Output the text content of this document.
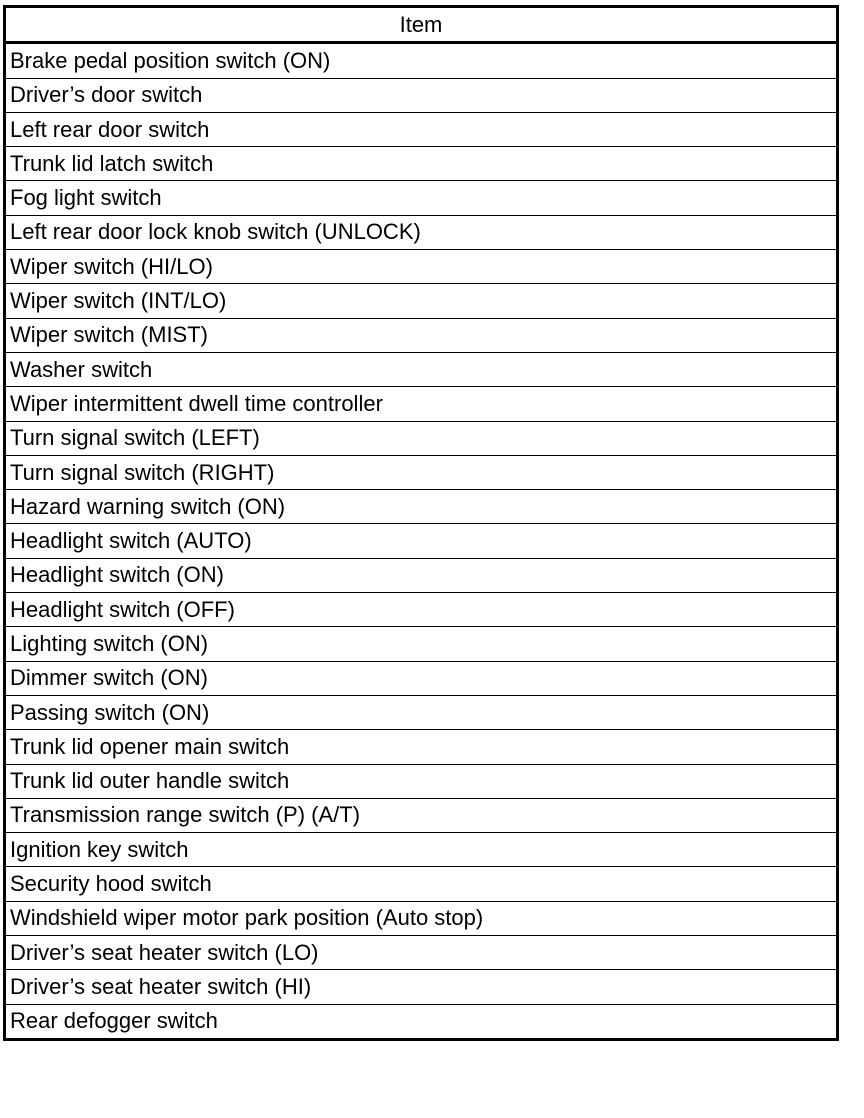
Item
Brake pedal position switch (ON)
Driver’s door switch
Left rear door switch
Trunk lid latch switch
Fog light switch
Left rear door lock knob switch (UNLOCK)
Wiper switch (HI/LO)
Wiper switch (INT/LO)
Wiper switch (MIST)
Washer switch
Wiper intermittent dwell time controller
Turn signal switch (LEFT)
Turn signal switch (RIGHT)
Hazard warning switch (ON)
Headlight switch (AUTO)
Headlight switch (ON)
Headlight switch (OFF)
Lighting switch (ON)
Dimmer switch (ON)
Passing switch (ON)
Trunk lid opener main switch
Trunk lid outer handle switch
Transmission range switch (P) (A/T)
Ignition key switch
Security hood switch
Windshield wiper motor park position (Auto stop)
Driver’s seat heater switch (LO)
Driver’s seat heater switch (HI)
Rear defogger switch
